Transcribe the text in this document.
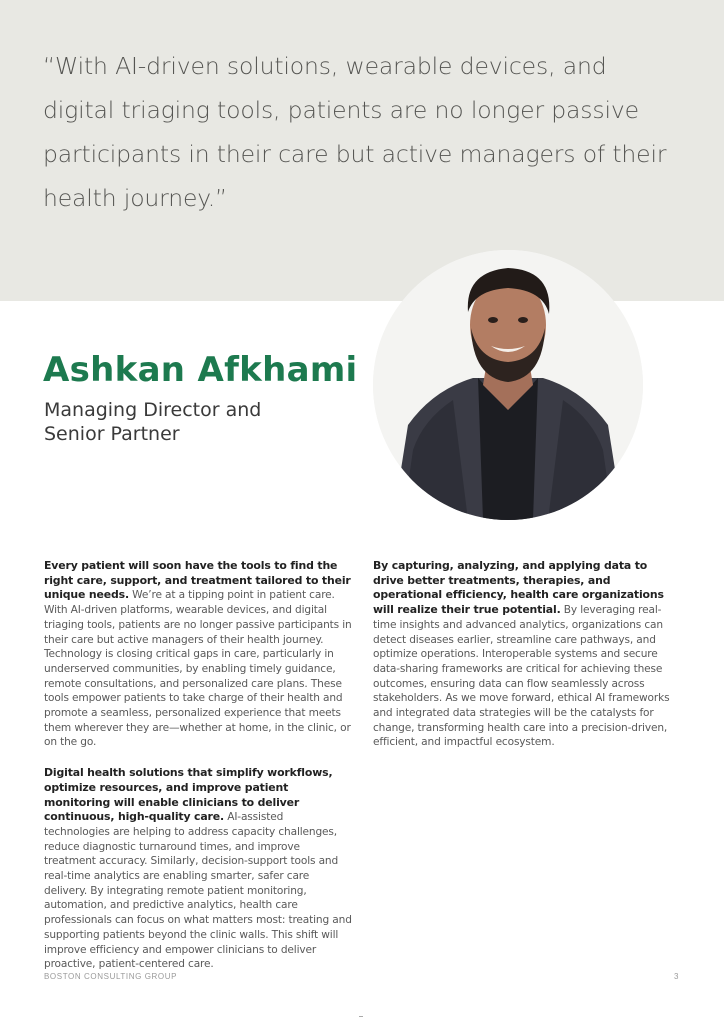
“With AI-driven solutions, wearable devices, and digital triaging tools, patients are no longer passive participants in their care but active managers of their health journey.”
Ashkan Afkhami
Managing Director and
Senior Partner

Every patient will soon have the tools to find the right care, support, and treatment tailored to their unique needs. We’re at a tipping point in patient care. With AI-driven platforms, wearable devices, and digital triaging tools, patients are no longer passive participants in their care but active managers of their health journey. Technology is closing critical gaps in care, particularly in underserved communities, by enabling timely guidance, remote consultations, and personalized care plans. These tools empower patients to take charge of their health and promote a seamless, personalized experience that meets them wherever they are—whether at home, in the clinic, or on the go.

Digital health solutions that simplify workflows, optimize resources, and improve patient monitoring will enable clinicians to deliver continuous, high-quality care. AI-assisted technologies are helping to address capacity challenges, reduce diagnostic turnaround times, and improve treatment accuracy. Similarly, decision-support tools and real-time analytics are enabling smarter, safer care delivery. By integrating remote patient monitoring, automation, and predictive analytics, health care professionals can focus on what matters most: treating and supporting patients beyond the clinic walls. This shift will improve efficiency and empower clinicians to deliver proactive, patient-centered care.

By capturing, analyzing, and applying data to drive better treatments, therapies, and operational efficiency, health care organizations will realize their true potential. By leveraging real-time insights and advanced analytics, organizations can detect diseases earlier, streamline care pathways, and optimize operations. Interoperable systems and secure data-sharing frameworks are critical for achieving these outcomes, ensuring data can flow seamlessly across stakeholders. As we move forward, ethical AI frameworks and integrated data strategies will be the catalysts for change, transforming health care into a precision-driven, efficient, and impactful ecosystem.

BOSTON CONSULTING GROUP	3
